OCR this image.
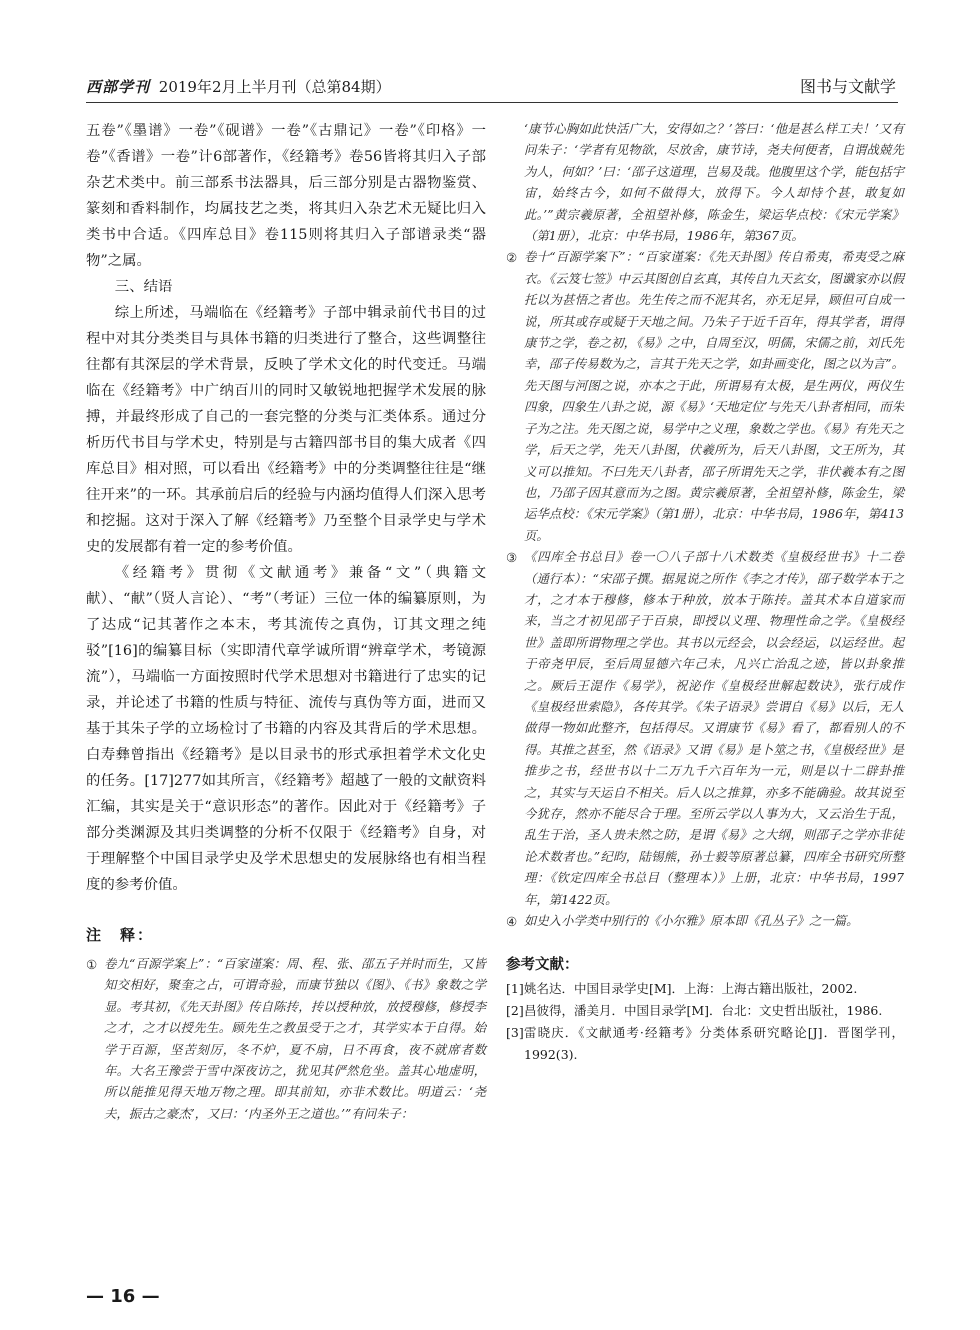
西部学刊 2019年2月上半月刊（总第84期）	图书与文献学

五卷”《墨谱》一卷”《砚谱》一卷”《古鼎记》一卷”《印格》一卷”《香谱》一卷”计6部著作，《经籍考》卷56皆将其归入子部杂艺术类中。前三部系书法器具，后三部分别是古器物鉴赏、篆刻和香料制作，均属技艺之类，将其归入杂艺术无疑比归入类书中合适。《四库总目》卷115则将其归入子部谱录类“器物”之属。

三、结语

综上所述，马端临在《经籍考》子部中辑录前代书目的过程中对其分类类目与具体书籍的归类进行了整合，这些调整往往都有其深层的学术背景，反映了学术文化的时代变迁。马端临在《经籍考》中广纳百川的同时又敏锐地把握学术发展的脉搏，并最终形成了自己的一套完整的分类与汇类体系。通过分析历代书目与学术史，特别是与古籍四部书目的集大成者《四库总目》相对照，可以看出《经籍考》中的分类调整往往是“继往开来”的一环。其承前启后的经验与内涵均值得人们深入思考和挖掘。这对于深入了解《经籍考》乃至整个目录学史与学术史的发展都有着一定的参考价值。

《经籍考》贯彻《文献通考》兼备“文”（典籍文献）、“献”（贤人言论）、“考”（考证）三位一体的编纂原则，为了达成“记其著作之本末，考其流传之真伪，订其文理之纯驳”[16]的编纂目标（实即清代章学诚所谓“辨章学术，考镜源流”），马端临一方面按照时代学术思想对书籍进行了忠实的记录，并论述了书籍的性质与特征、流传与真伪等方面，进而又基于其朱子学的立场检讨了书籍的内容及其背后的学术思想。白寿彝曾指出《经籍考》是以目录书的形式承担着学术文化史的任务。[17]277如其所言，《经籍考》超越了一般的文献资料汇编，其实是关于“意识形态”的著作。因此对于《经籍考》子部分类渊源及其归类调整的分析不仅限于《经籍考》自身，对于理解整个中国目录学史及学术思想史的发展脉络也有相当程度的参考价值。

注　释：

① 卷九“百源学案上”：“百家谨案：周、程、张、邵五子并时而生，又皆知交相好，聚奎之占，可谓奇验，而康节独以《图》、《书》象数之学显。考其初，《先天卦图》传自陈抟，抟以授种放，放授穆修，修授李之才，之才以授先生。顾先生之教虽受于之才，其学实本于自得。始学于百源，坚苦刻厉，冬不炉，夏不扇，日不再食，夜不就席者数年。大名王豫尝于雪中深夜访之，犹见其俨然危坐。盖其心地虚明，所以能推见得天地万物之理。即其前知，亦非术数比。明道云：‘尧夫，振古之豪杰’，又曰：‘内圣外王之道也。’”有问朱子：

‘康节心胸如此快活广大，安得如之？’答曰：‘他是甚么样工夫！’又有问朱子：‘学者有见物欲，尽放舍，康节诗，尧夫何便者，自谓战兢先为人，何如？’曰：‘邵子这道理，岂易及哉。他腹里这个学，能包括宇宙，始终古今，如何不做得大，放得下。今人却恃个甚，敢复如此。’”黄宗羲原著，全祖望补修，陈金生，梁运华点校：《宋元学案》（第1册），北京：中华书局，1986年，第367页。

② 卷十“百源学案下”：“百家谨案：《先天卦图》传自希夷，希夷受之麻衣。《云笈七签》中云其图创自玄真，其传自九天玄女，图谶家亦以假托以为甚悟之者也。先生传之而不泥其名，亦无足异，顾但可自成一说，所其或存或疑于天地之间。乃朱子于近千百年，得其学者，谓得康节之学，卷之初，《易》之中，自周至汉，明儒，宋儒之前，刘氏先幸，邵子传易数为之，言其于先天之学，如卦画变化，图之以为言”。先天图与河图之说，亦本之于此，所谓易有太极，是生两仪，两仪生四象，四象生八卦之说，源《易》‘天地定位’与先天八卦者相同，而朱子为之注。先天图之说，易学中之义理，象数之学也。《易》有先天之学，后天之学，先天八卦图，伏羲所为，后天八卦图，文王所为，其义可以推知。不曰先天八卦者，邵子所谓先天之学，非伏羲本有之图也，乃邵子因其意而为之图。黄宗羲原著，全祖望补修，陈金生，梁运华点校：《宋元学案》（第1册），北京：中华书局，1986年，第413页。

③ 《四库全书总目》卷一〇八子部十八术数类《皇极经世书》十二卷（通行本）：“宋邵子撰。据晁说之所作《李之才传》，邵子数学本于之才，之才本于穆修，修本于种放，放本于陈抟。盖其术本自道家而来，当之才初见邵子于百泉，即授以义理、物理性命之学。《皇极经世》盖即所谓物理之学也。其书以元经会，以会经运，以运经世。起于帝尧甲辰，至后周显德六年己未，凡兴亡治乱之迹，皆以卦象推之。厥后王湜作《易学》，祝泌作《皇极经世解起数诀》，张行成作《皇极经世索隐》，各传其学。《朱子语录》尝谓自《易》以后，无人做得一物如此整齐，包括得尽。又谓康节《易》看了，都看别人的不得。其推之甚至，然《语录》又谓《易》是卜筮之书，《皇极经世》是推步之书，经世书以十二万九千六百年为一元，则是以十二辟卦推之，其实与天运自不相关。后人以之推算，亦多不能确验。故其说至今犹存，然亦不能尽合于理。至所云学以人事为大，又云治生于乱，乱生于治，圣人贵未然之防，是谓《易》之大纲，则邵子之学亦非徒论术数者也。”纪昀，陆锡熊，孙士毅等原著总纂，四库全书研究所整理：《钦定四库全书总目（整理本）》上册，北京：中华书局，1997年，第1422页。

④ 如史入小学类中别行的《小尔雅》原本即《孔丛子》之一篇。

参考文献：

[1] 姚名达．中国目录学史[M]．上海：上海古籍出版社，2002.

[2] 昌彼得，潘美月．中国目录学[M]．台北：文史哲出版社，1986.

[3] 雷晓庆．《文献通考·经籍考》分类体系研究略论[J]．晋图学刊，1992(3).

— 16 —
